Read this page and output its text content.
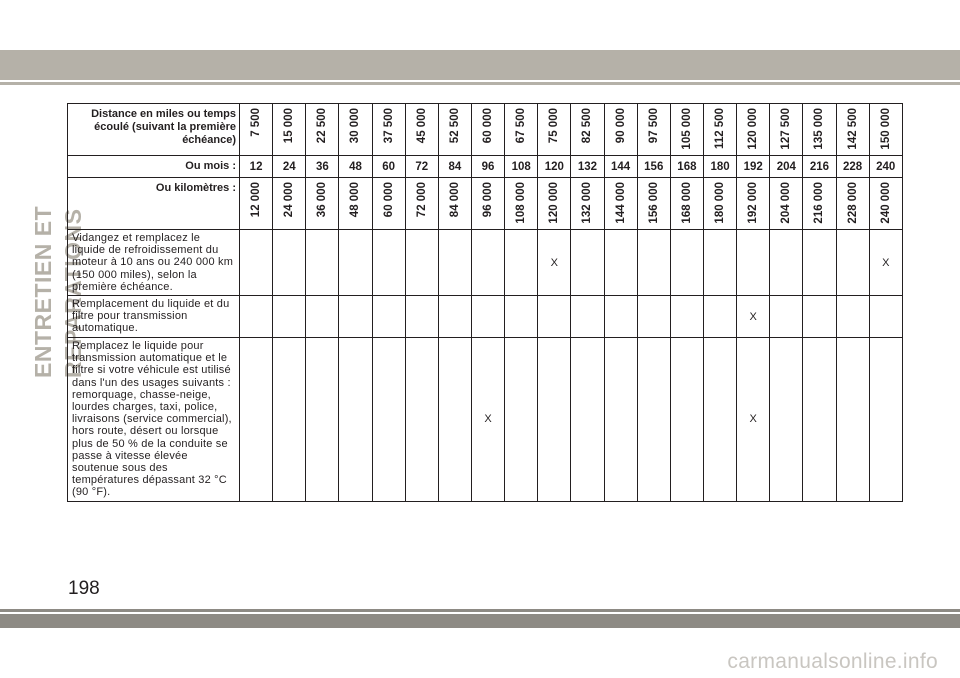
ENTRETIEN ET REPARATIONS
Distance en miles ou temps écoulé (suivant la première échéance)	7 500	15 000	22 500	30 000	37 500	45 000	52 500	60 000	67 500	75 000	82 500	90 000	97 500	105 000	112 500	120 000	127 500	135 000	142 500	150 000
Ou mois :	12	24	36	48	60	72	84	96	108	120	132	144	156	168	180	192	204	216	228	240
Ou kilomètres :	12 000	24 000	36 000	48 000	60 000	72 000	84 000	96 000	108 000	120 000	132 000	144 000	156 000	168 000	180 000	192 000	204 000	216 000	228 000	240 000
Vidangez et remplacez le liquide de refroidissement du moteur à 10 ans ou 240 000 km (150 000 miles), selon la première échéance.										X										X
Remplacement du liquide et du filtre pour transmission automatique.																X				
Remplacez le liquide pour transmission automatique et le filtre si votre véhicule est utilisé dans l'un des usages suivants : remorquage, chasse-neige, lourdes charges, taxi, police, livraisons (service commercial), hors route, désert ou lorsque plus de 50 % de la conduite se passe à vitesse élevée soutenue sous des températures dépassant 32 °C (90 °F).								X								X				
198
carmanualsonline.info
